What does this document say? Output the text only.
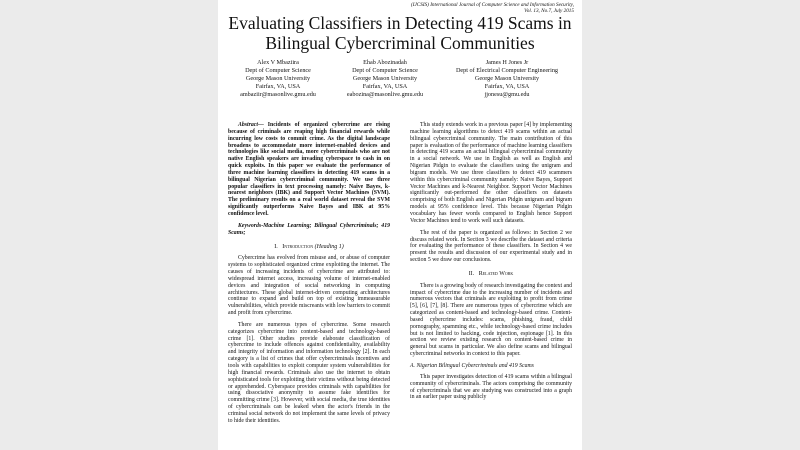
(IJCSIS) International Journal of Computer Science and Information Security,
Vol. 13, No.7, July 2015
Evaluating Classifiers in Detecting 419 Scams in
Bilingual Cybercriminal Communities
Alex V Mbaziira
Dept of Computer Science
George Mason University
Fairfax, VA, USA
ambaziir@masonlive.gmu.edu
Ehab Abozinadah
Dept of Computer Science
George Mason University
Fairfax, VA, USA
eabozina@masonlive.gmu.edu
James H Jones Jr
Dept of Electrical Computer Engineering
George Mason University
Fairfax, VA, USA
jjonesu@gmu.edu

Abstract— Incidents of organized cybercrime are rising because of criminals are reaping high financial rewards while incurring low costs to commit crime. As the digital landscape broadens to accommodate more internet-enabled devices and technologies like social media, more cybercriminals who are not native English speakers are invading cyberspace to cash in on quick exploits. In this paper we evaluate the performance of three machine learning classifiers in detecting 419 scams in a bilingual Nigerian cybercriminal community. We use three popular classifiers in text processing namely: Naive Bayes, k-nearest neighbors (IBK) and Support Vector Machines (SVM). The preliminary results on a real world dataset reveal the SVM significantly outperforms Naive Bayes and IBK at 95% confidence level.

Keywords-Machine Learning; Bilingual Cybercriminals; 419 Scams;

I. Introduction (Heading 1)

Cybercrime has evolved from misuse and, or abuse of computer systems to sophisticated organized crime exploiting the internet. The causes of increasing incidents of cybercrime are attributed to: widespread internet access, increasing volume of internet-enabled devices and integration of social networking in computing architectures. These global internet-driven computing architectures continue to expand and build on top of existing immeasurable vulnerabilities, which provide miscreants with low barriers to commit and profit from cybercrime.

There are numerous types of cybercrime. Some research categorizes cybercrime into content-based and technology-based crime [1]. Other studies provide elaborate classification of cybercrime to include offences against confidentiality, availability and integrity of information and information technology [2]. In each category is a list of crimes that offer cybercriminals incentives and tools with capabilities to exploit computer system vulnerabilities for high financial rewards. Criminals also use the internet to obtain sophisticated tools for exploiting their victims without being detected or apprehended. Cyberspace provides criminals with capabilities for using dissociative anonymity to assume fake identifies for committing crime [3]. However, with social media, the true identities of cybercriminals can be leaked when the actor's friends in the criminal social network do not implement the same levels of privacy to hide their identities.

This study extends work in a previous paper [4] by implementing machine learning algorithms to detect 419 scams within an actual bilingual cybercriminal community. The main contribution of this paper is evaluation of the performance of machine learning classifiers in detecting 419 scams an actual bilingual cybercriminal community in a social network. We use in English as well as English and Nigerian Pidgin to evaluate the classifiers using the unigram and bigram models. We use three classifiers to detect 419 scammers within this cybercriminal community namely: Naive Bayes, Support Vector Machines and k-Nearest Neighbor. Support Vector Machines significantly out-performed the other classifiers on datasets comprising of both English and Nigerian Pidgin unigram and bigram models at 95% confidence level. This because Nigerian Pidgin vocabulary has fewer words compared to English hence Support Vector Machines tend to work well such datasets.

The rest of the paper is organized as follows: in Section 2 we discuss related work. In Section 3 we describe the dataset and criteria for evaluating the performance of these classifiers. In Section 4 we present the results and discussion of our experimental study and in section 5 we draw our conclusions.

II. Related Work

There is a growing body of research investigating the context and impact of cybercrime due to the increasing number of incidents and numerous vectors that criminals are exploiting to profit from crime [5], [6], [7], [8]. There are numerous types of cybercrime which are categorized as content-based and technology-based crime. Content-based cybercrime includes: scams, phishing, fraud, child pornography, spamming etc., while technology-based crime includes but is not limited to hacking, code injection, espionage [1]. In this section we review existing research on content-based crime in general but scams in particular. We also define scams and bilingual cybercriminal networks in context to this paper.

A. Nigerian Bilingual Cybercriminals and 419 Scams

This paper investigates detection of 419 scams within a bilingual community of cybercriminals. The actors comprising the community of cybercriminals that we are studying was constructed into a graph in an earlier paper using publicly
